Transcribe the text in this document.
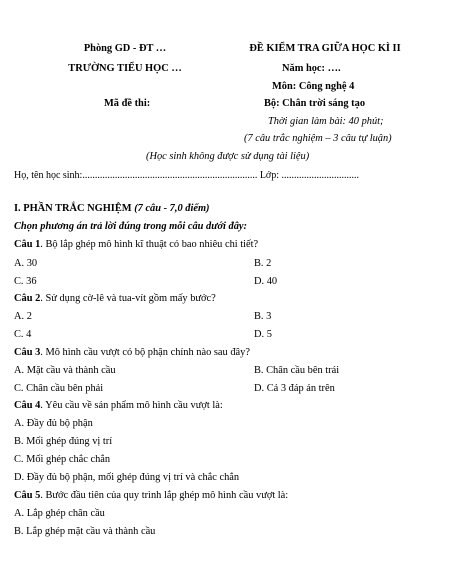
Phòng GD - ĐT …
TRƯỜNG TIỂU HỌC …
Mã đề thi:
ĐỀ KIỂM TRA GIỮA HỌC KÌ II
Năm học: ….
Môn: Công nghệ 4
Bộ: Chân trời sáng tạo
Thời gian làm bài: 40 phút;
(7 câu trắc nghiệm – 3 câu tự luận)
(Học sinh không được sử dụng tài liệu)
Họ, tên học sinh:...................................................................... Lớp: ...............................
I. PHẦN TRẮC NGHIỆM (7 câu - 7,0 điểm)
Chọn phương án trả lời đúng trong mỗi câu dưới đây:
Câu 1. Bộ lắp ghép mô hình kĩ thuật có bao nhiêu chi tiết?
A. 30	B. 2
C. 36	D. 40
Câu 2. Sử dụng cờ-lê và tua-vít gồm mấy bước?
A. 2	B. 3
C. 4	D. 5
Câu 3. Mô hình cầu vượt có bộ phận chính nào sau đây?
A. Mặt cầu và thành cầu	B. Chân cầu bên trái
C. Chân cầu bên phải	D. Cả 3 đáp án trên
Câu 4. Yêu cầu về sản phẩm mô hình cầu vượt là:
A. Đầy đủ bộ phận
B. Mối ghép đúng vị trí
C. Mối ghép chắc chắn
D. Đầy đủ bộ phận, mối ghép đúng vị trí và chắc chắn
Câu 5. Bước đầu tiên của quy trình lắp ghép mô hình cầu vượt là:
A. Lắp ghép chân cầu
B. Lắp ghép mặt cầu và thành cầu
